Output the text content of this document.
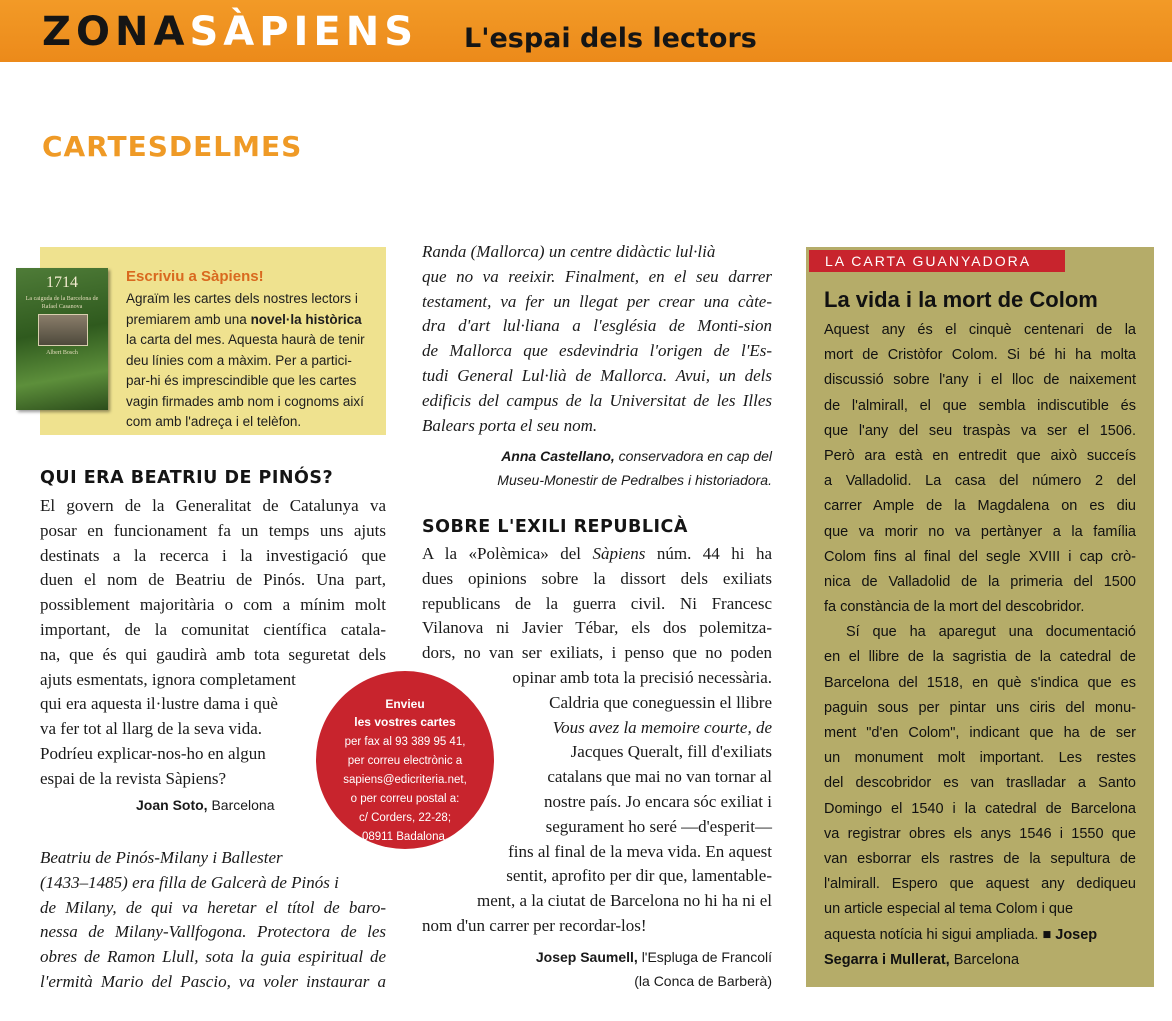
ZONASÀPIENS L'espai dels lectors
CARTESDELMES
1714
La caiguda de la Barcelona de Rafael Casanova
Albert Bosch
Escriviu a Sàpiens!
Agraïm les cartes dels nostres lectors i
premiarem amb una novel·la històrica
la carta del mes. Aquesta haurà de tenir
deu línies com a màxim. Per a partici-
par-hi és imprescindible que les cartes
vagin firmades amb nom i cognoms així
com amb l'adreça i el telèfon.
QUI ERA BEATRIU DE PINÓS?
El govern de la Generalitat de Catalunya va
posar en funcionament fa un temps uns ajuts
destinats a la recerca i la investigació que
duen el nom de Beatriu de Pinós. Una part,
possiblement majoritària o com a mínim molt
important, de la comunitat científica catala-
na, que és qui gaudirà amb tota seguretat dels
ajuts esmentats, ignora completament
qui era aquesta il·lustre dama i què
va fer tot al llarg de la seva vida.
Podríeu explicar-nos-ho en algun
espai de la revista Sàpiens?
Joan Soto, Barcelona
Beatriu de Pinós-Milany i Ballester
(1433–1485) era filla de Galcerà de Pinós i
de Milany, de qui va heretar el títol de baro-
nessa de Milany-Vallfogona. Protectora de les
obres de Ramon Llull, sota la guia espiritual de
l'ermità Mario del Pascio, va voler instaurar a
Randa (Mallorca) un centre didàctic lul·lià
que no va reeixir. Finalment, en el seu darrer
testament, va fer un llegat per crear una càte-
dra d'art lul·liana a l'església de Monti-sion
de Mallorca que esdevindria l'origen de l'Es-
tudi General Lul·lià de Mallorca. Avui, un dels
edificis del campus de la Universitat de les Illes
Balears porta el seu nom.
Anna Castellano, conservadora en cap del
Museu-Monestir de Pedralbes i historiadora.
SOBRE L'EXILI REPUBLICÀ
A la «Polèmica» del Sàpiens núm. 44 hi ha
dues opinions sobre la dissort dels exiliats
republicans de la guerra civil. Ni Francesc
Vilanova ni Javier Tébar, els dos polemitza-
dors, no van ser exiliats, i penso que no poden
opinar amb tota la precisió necessària.
Caldria que coneguessin el llibre
Vous avez la memoire courte, de
Jacques Queralt, fill d'exiliats
catalans que mai no van tornar al
nostre país. Jo encara sóc exiliat i
segurament ho seré —d'esperit—
fins al final de la meva vida. En aquest
sentit, aprofito per dir que, lamentable-
ment, a la ciutat de Barcelona no hi ha ni el
nom d'un carrer per recordar-los!
Josep Saumell, l'Espluga de Francolí
(la Conca de Barberà)
Envieu
les vostres cartes
per fax al 93 389 95 41,
per correu electrònic a
sapiens@edicriteria.net,
o per correu postal a:
c/ Corders, 22-28;
08911 Badalona.
LA CARTA GUANYADORA
La vida i la mort de Colom
Aquest any és el cinquè centenari de la
mort de Cristòfor Colom. Si bé hi ha molta
discussió sobre l'any i el lloc de naixement
de l'almirall, el que sembla indiscutible és
que l'any del seu traspàs va ser el 1506.
Però ara està en entredit que això succeís
a Valladolid. La casa del número 2 del
carrer Ample de la Magdalena on es diu
que va morir no va pertànyer a la família
Colom fins al final del segle XVIII i cap crò-
nica de Valladolid de la primeria del 1500
fa constància de la mort del descobridor.
Sí que ha aparegut una documentació
en el llibre de la sagristia de la catedral de
Barcelona del 1518, en què s'indica que es
paguin sous per pintar uns ciris del monu-
ment "d'en Colom", indicant que ha de ser
un monument molt important. Les restes
del descobridor es van traslladar a Santo
Domingo el 1540 i la catedral de Barcelona
va registrar obres els anys 1546 i 1550 que
van esborrar els rastres de la sepultura de
l'almirall. Espero que aquest any dediqueu
un article especial al tema Colom i que
aquesta notícia hi sigui ampliada. ■ Josep
Segarra i Mullerat, Barcelona
